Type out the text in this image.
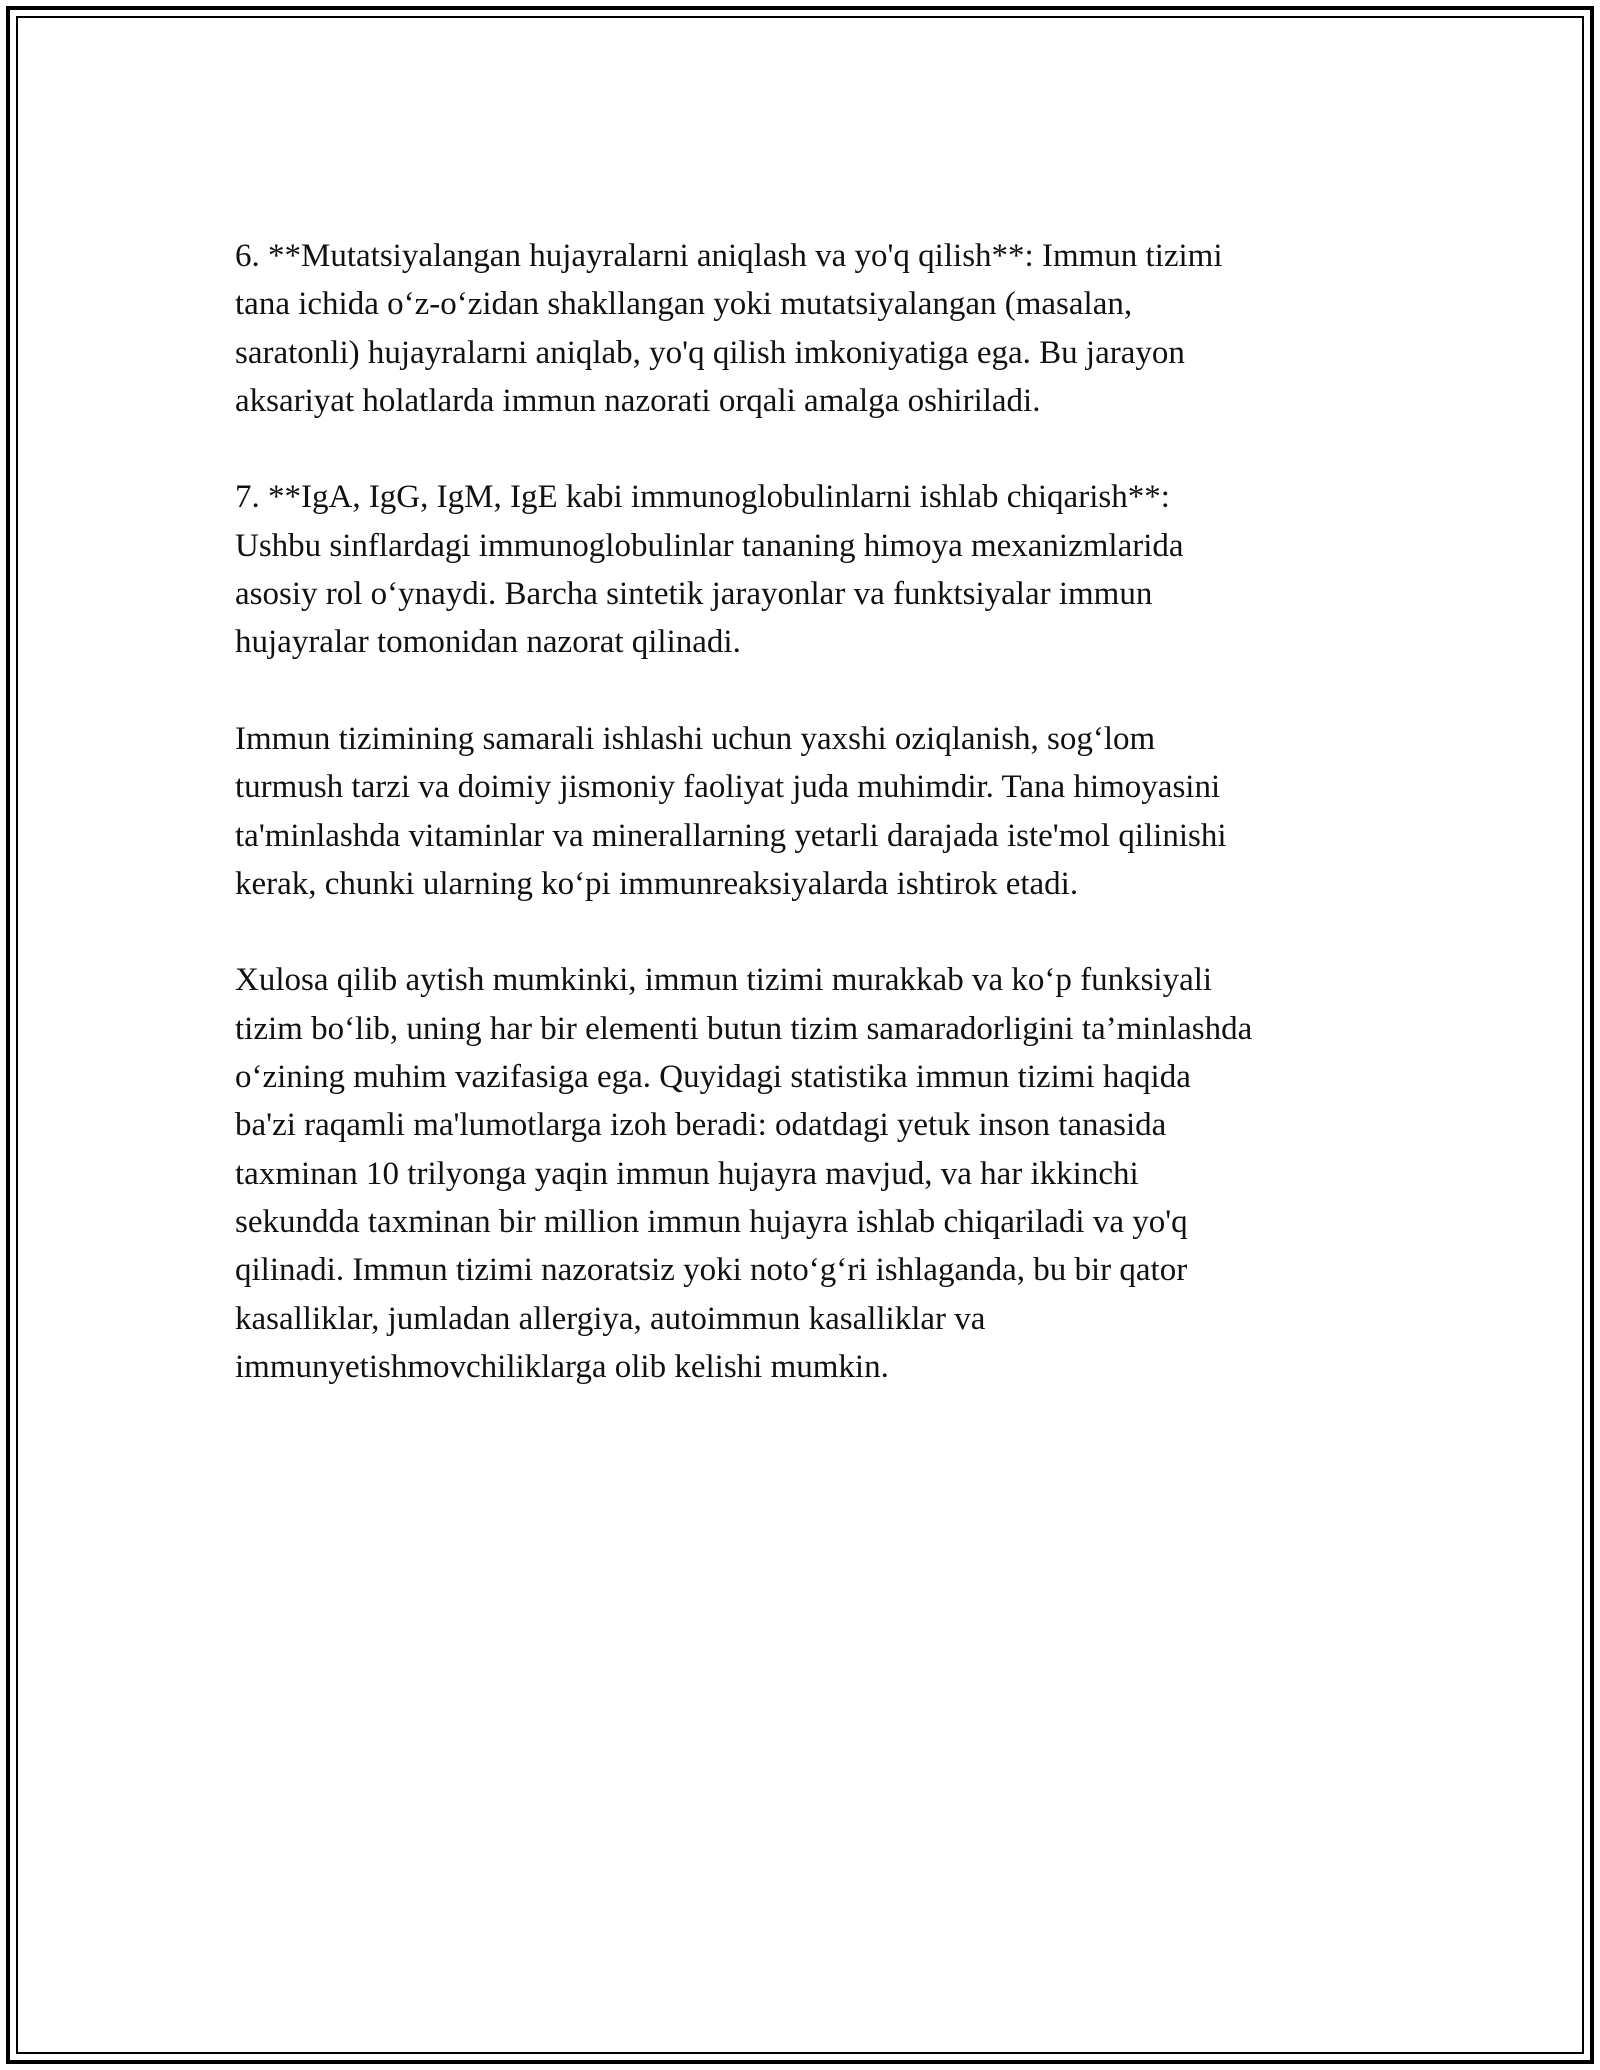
6. **Mutatsiyalangan hujayralarni aniqlash va yo'q qilish**: Immun tizimi
tana ichida o‘z-o‘zidan shakllangan yoki mutatsiyalangan (masalan,
saratonli) hujayralarni aniqlab, yo'q qilish imkoniyatiga ega. Bu jarayon
aksariyat holatlarda immun nazorati orqali amalga oshiriladi.

7. **IgA, IgG, IgM, IgE kabi immunoglobulinlarni ishlab chiqarish**:
Ushbu sinflardagi immunoglobulinlar tananing himoya mexanizmlarida
asosiy rol o‘ynaydi. Barcha sintetik jarayonlar va funktsiyalar immun
hujayralar tomonidan nazorat qilinadi.

Immun tizimining samarali ishlashi uchun yaxshi oziqlanish, sog‘lom
turmush tarzi va doimiy jismoniy faoliyat juda muhimdir. Tana himoyasini
ta'minlashda vitaminlar va minerallarning yetarli darajada iste'mol qilinishi
kerak, chunki ularning ko‘pi immunreaksiyalarda ishtirok etadi.

Xulosa qilib aytish mumkinki, immun tizimi murakkab va ko‘p funksiyali
tizim bo‘lib, uning har bir elementi butun tizim samaradorligini ta’minlashda
o‘zining muhim vazifasiga ega. Quyidagi statistika immun tizimi haqida
ba'zi raqamli ma'lumotlarga izoh beradi: odatdagi yetuk inson tanasida
taxminan 10 trilyonga yaqin immun hujayra mavjud, va har ikkinchi
sekundda taxminan bir million immun hujayra ishlab chiqariladi va yo'q
qilinadi. Immun tizimi nazoratsiz yoki noto‘g‘ri ishlaganda, bu bir qator
kasalliklar, jumladan allergiya, autoimmun kasalliklar va
immunyetishmovchiliklarga olib kelishi mumkin.
